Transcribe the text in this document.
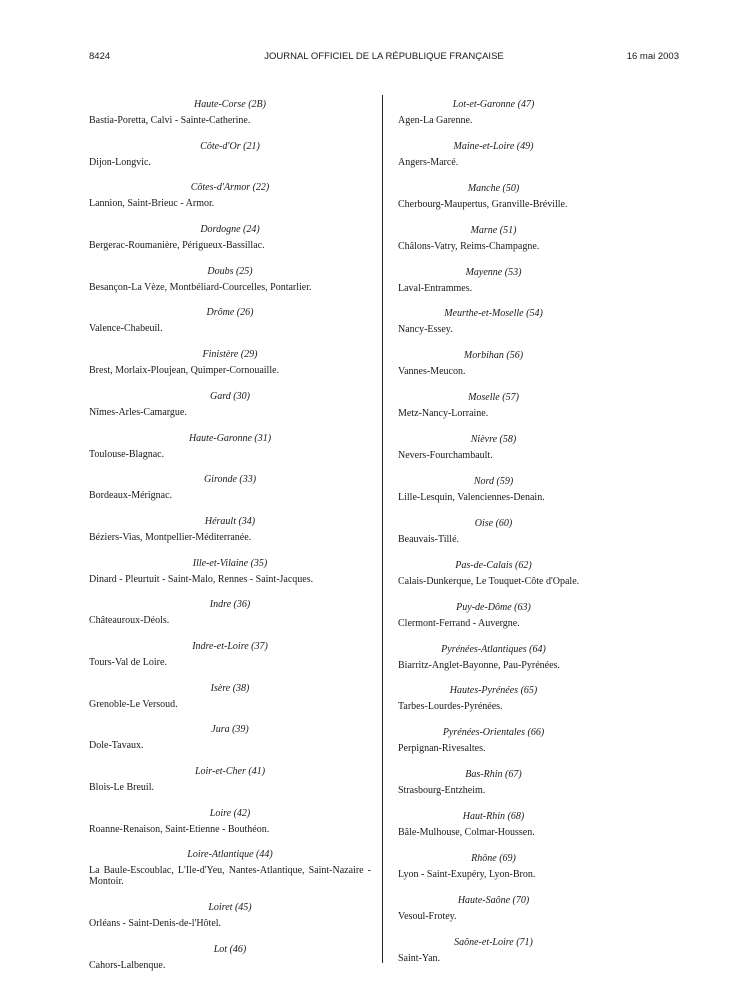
8424	JOURNAL OFFICIEL DE LA RÉPUBLIQUE FRANÇAISE	16 mai 2003
Haute-Corse (2B)
Bastia-Poretta, Calvi - Sainte-Catherine.
Côte-d'Or (21)
Dijon-Longvic.
Côtes-d'Armor (22)
Lannion, Saint-Brieuc - Armor.
Dordogne (24)
Bergerac-Roumanière, Périgueux-Bassillac.
Doubs (25)
Besançon-La Vèze, Montbéliard-Courcelles, Pontarlier.
Drôme (26)
Valence-Chabeuil.
Finistère (29)
Brest, Morlaix-Ploujean, Quimper-Cornouaille.
Gard (30)
Nîmes-Arles-Camargue.
Haute-Garonne (31)
Toulouse-Blagnac.
Gironde (33)
Bordeaux-Mérignac.
Hérault (34)
Béziers-Vias, Montpellier-Méditerranée.
Ille-et-Vilaine (35)
Dinard - Pleurtuit - Saint-Malo, Rennes - Saint-Jacques.
Indre (36)
Châteauroux-Déols.
Indre-et-Loire (37)
Tours-Val de Loire.
Isère (38)
Grenoble-Le Versoud.
Jura (39)
Dole-Tavaux.
Loir-et-Cher (41)
Blois-Le Breuil.
Loire (42)
Roanne-Renaison, Saint-Etienne - Bouthéon.
Loire-Atlantique (44)
La Baule-Escoublac, L'Ile-d'Yeu, Nantes-Atlantique, Saint-Nazaire - Montoir.
Loiret (45)
Orléans - Saint-Denis-de-l'Hôtel.
Lot (46)
Cahors-Lalbenque.
Lot-et-Garonne (47)
Agen-La Garenne.
Maine-et-Loire (49)
Angers-Marcé.
Manche (50)
Cherbourg-Maupertus, Granville-Bréville.
Marne (51)
Châlons-Vatry, Reims-Champagne.
Mayenne (53)
Laval-Entrammes.
Meurthe-et-Moselle (54)
Nancy-Essey.
Morbihan (56)
Vannes-Meucon.
Moselle (57)
Metz-Nancy-Lorraine.
Nièvre (58)
Nevers-Fourchambault.
Nord (59)
Lille-Lesquin, Valenciennes-Denain.
Oise (60)
Beauvais-Tillé.
Pas-de-Calais (62)
Calais-Dunkerque, Le Touquet-Côte d'Opale.
Puy-de-Dôme (63)
Clermont-Ferrand - Auvergne.
Pyrénées-Atlantiques (64)
Biarritz-Anglet-Bayonne, Pau-Pyrénées.
Hautes-Pyrénées (65)
Tarbes-Lourdes-Pyrénées.
Pyrénées-Orientales (66)
Perpignan-Rivesaltes.
Bas-Rhin (67)
Strasbourg-Entzheim.
Haut-Rhin (68)
Bâle-Mulhouse, Colmar-Houssen.
Rhône (69)
Lyon - Saint-Exupéry, Lyon-Bron.
Haute-Saône (70)
Vesoul-Frotey.
Saône-et-Loire (71)
Saint-Yan.
